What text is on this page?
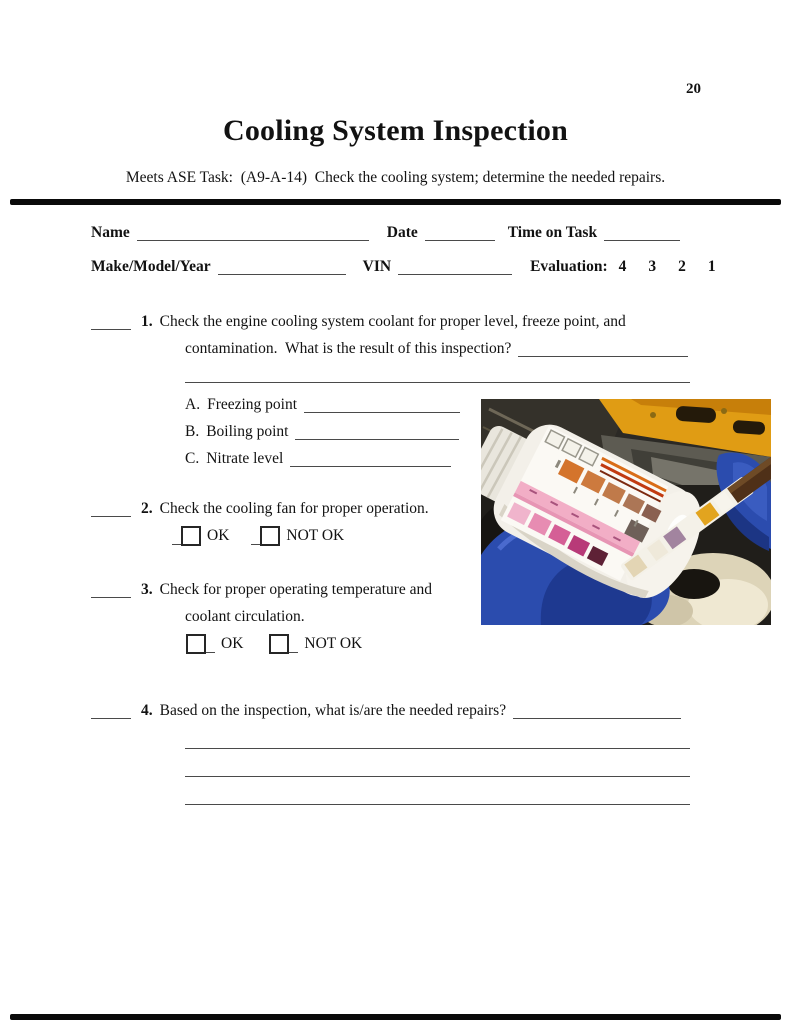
20
Cooling System Inspection
Meets ASE Task:  (A9-A-14)  Check the cooling system; determine the needed repairs.
Name	Date	Time on Task
Make/Model/Year	VIN	Evaluation: 4 3 2 1
1. Check the engine cooling system coolant for proper level, freeze point, and
contamination.  What is the result of this inspection?
A. Freezing point
B. Boiling point
C. Nitrate level
2. Check the cooling fan for proper operation.
OK	NOT OK
3. Check for proper operating temperature and
coolant circulation.
OK	NOT OK
4. Based on the inspection, what is/are the needed repairs?
